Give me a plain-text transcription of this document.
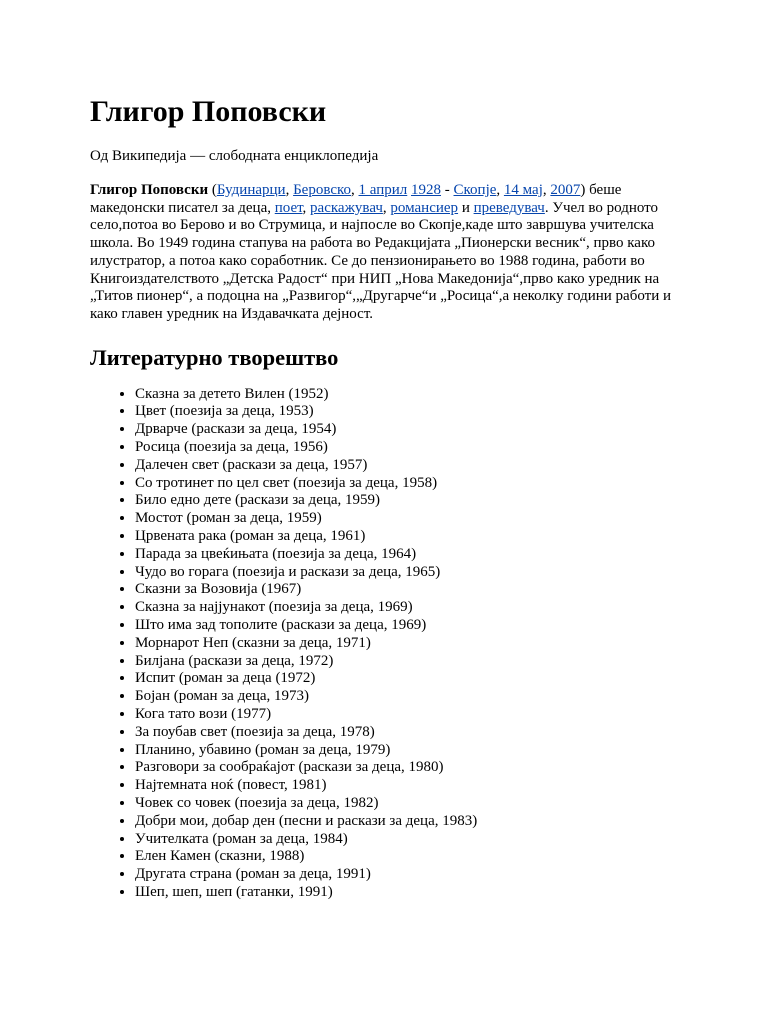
Глигор Поповски

Од Википедија — слободната енциклопедија

Глигор Поповски (Будинарци, Беровско, 1 април 1928 - Скопје, 14 мај, 2007) беше македонски писател за деца, поет, раскажувач, романсиер и преведувач. Учел во родното село,потоа во Берово и во Струмица, и најпосле во Скопје,каде што завршува учителска школа. Во 1949 година стапува на работа во Редакцијата „Пионерски весник“, прво како илустратор, а потоа како соработник. Се до пензионирањето во 1988 година, работи во Книгоиздателството „Детска Радост“ при НИП „Нова Македонија“,прво како уредник на „Титов пионер“, а подоцна на „Развигор“,„Другарче“и „Росица“,а неколку години работи и како главен уредник на Издавачката дејност.

Литературно творештво
• Сказна за детето Вилен (1952)
• Цвет (поезија за деца, 1953)
• Дрварче (раскази за деца, 1954)
• Росица (поезија за деца, 1956)
• Далечен свет (раскази за деца, 1957)
• Со тротинет по цел свет (поезија за деца, 1958)
• Било едно дете (раскази за деца, 1959)
• Мостот (роман за деца, 1959)
• Црвената рака (роман за деца, 1961)
• Парада за цвеќињата (поезија за деца, 1964)
• Чудо во горага (поезија и раскази за деца, 1965)
• Сказни за Возовија (1967)
• Сказна за најјунакот (поезија за деца, 1969)
• Што има зад тополите (раскази за деца, 1969)
• Морнарот Неп (сказни за деца, 1971)
• Билјана (раскази за деца, 1972)
• Испит (роман за деца (1972)
• Бојан (роман за деца, 1973)
• Кога тато вози (1977)
• За поубав свет (поезија за деца, 1978)
• Планино, убавино (роман за деца, 1979)
• Разговори за сообраќајот (раскази за деца, 1980)
• Најтемната ноќ (повест, 1981)
• Човек со човек (поезија за деца, 1982)
• Добри мои, добар ден (песни и раскази за деца, 1983)
• Учителката (роман за деца, 1984)
• Елен Камен (сказни, 1988)
• Другата страна (роман за деца, 1991)
• Шеп, шеп, шеп (гатанки, 1991)
